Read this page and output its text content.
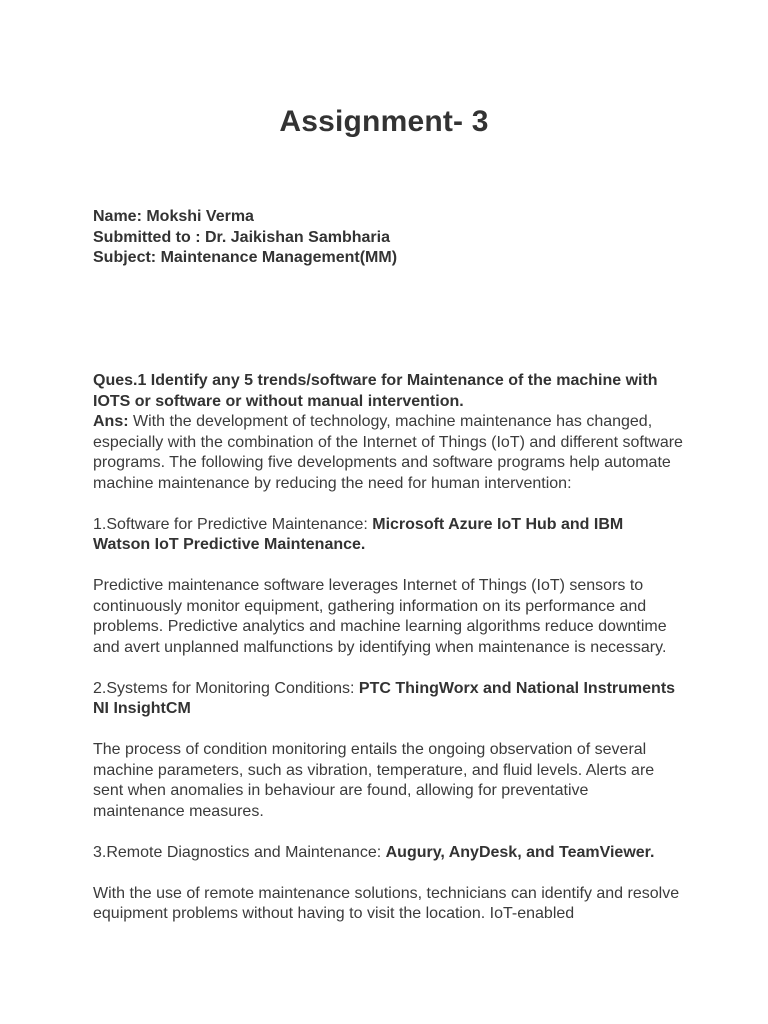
Assignment- 3
Name: Mokshi Verma
Submitted to : Dr. Jaikishan Sambharia
Subject: Maintenance Management(MM)

Ques.1 Identify any 5 trends/software for Maintenance of the machine with IOTS or software or without manual intervention.
Ans: With the development of technology, machine maintenance has changed, especially with the combination of the Internet of Things (IoT) and different software programs. The following five developments and software programs help automate machine maintenance by reducing the need for human intervention:

1.Software for Predictive Maintenance: Microsoft Azure IoT Hub and IBM Watson IoT Predictive Maintenance.

Predictive maintenance software leverages Internet of Things (IoT) sensors to continuously monitor equipment, gathering information on its performance and problems. Predictive analytics and machine learning algorithms reduce downtime and avert unplanned malfunctions by identifying when maintenance is necessary.

2.Systems for Monitoring Conditions: PTC ThingWorx and National Instruments NI InsightCM

The process of condition monitoring entails the ongoing observation of several machine parameters, such as vibration, temperature, and fluid levels. Alerts are sent when anomalies in behaviour are found, allowing for preventative maintenance measures.

3.Remote Diagnostics and Maintenance: Augury, AnyDesk, and TeamViewer.

With the use of remote maintenance solutions, technicians can identify and resolve equipment problems without having to visit the location. IoT-enabled
